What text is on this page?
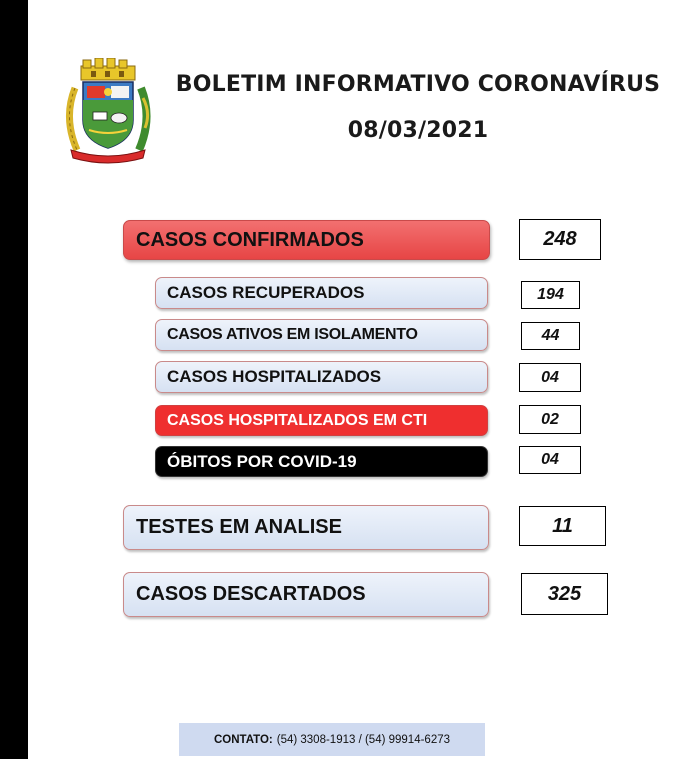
BOLETIM INFORMATIVO CORONAVÍRUS
08/03/2021
CASOS CONFIRMADOS	248
CASOS RECUPERADOS	194
CASOS ATIVOS EM ISOLAMENTO	44
CASOS HOSPITALIZADOS	04
CASOS HOSPITALIZADOS EM CTI	02
ÓBITOS POR COVID-19	04
TESTES EM ANALISE	11
CASOS DESCARTADOS	325
CONTATO: (54) 3308-1913 / (54) 99914-6273
